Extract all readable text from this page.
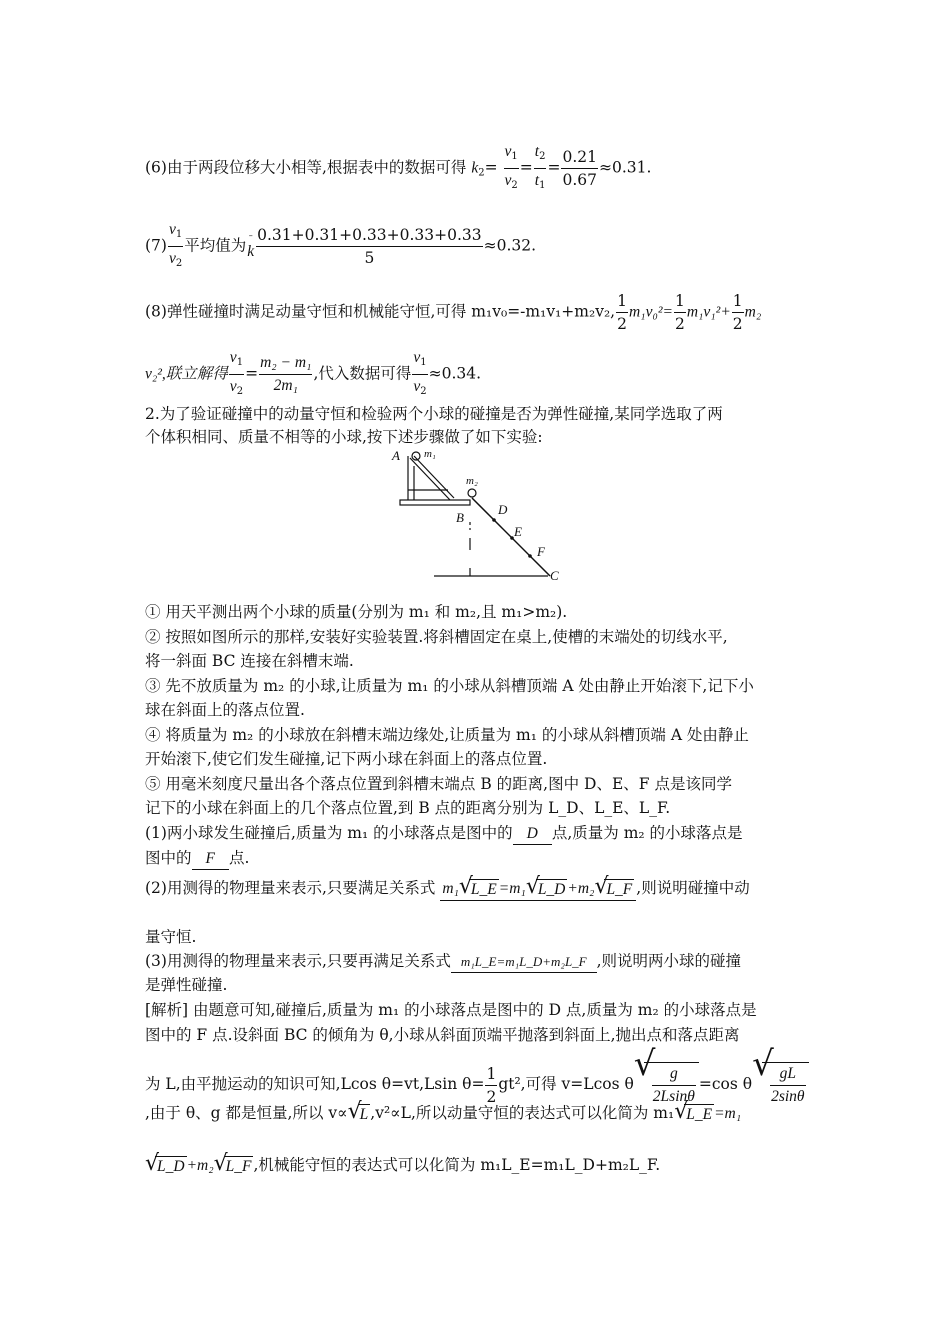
(6)由于两段位移大小相等,根据表中的数据可得 $k_2= \frac{v_1}{v_2} = \frac{t_2}{t_1} = \frac{0.21}{0.67} \approx 0.31$.
$(7) \frac{v_1}{v_2}$ 平均值为
–
k $\frac{0.31+0.31+0.33+0.33+0.33}{5} \approx 0.32$.
(8)弹性碰撞时满足动量守恒和机械能守恒,可得 m₁v₀=-m₁v₁+m₂v₂, $\frac{1}{2} m_1v_0^2= \frac{1}{2} m_1v_1^2+ \frac{1}{2} m_2$
v₂²,联立解得 $\frac{v_1}{v_2} = \frac{\text{m₂ − m₁}}{\text{2m₁}}$ ,代入数据可得 $\frac{v_1}{v_2} \approx 0.34$.
2.为了验证碰撞中的动量守恒和检验两个小球的碰撞是否为弹性碰撞,某同学选取了两
个体积相同、质量不相等的小球,按下述步骤做了如下实验:
A m₁
m₂
B
D
E
F
C
① 用天平测出两个小球的质量(分别为 m₁ 和 m₂,且 m₁>m₂).
② 按照如图所示的那样,安装好实验装置.将斜槽固定在桌上,使槽的末端处的切线水平,
将一斜面 BC 连接在斜槽末端.
③ 先不放质量为 m₂ 的小球,让质量为 m₁ 的小球从斜槽顶端 A 处由静止开始滚下,记下小
球在斜面上的落点位置.
④ 将质量为 m₂ 的小球放在斜槽末端边缘处,让质量为 m₁ 的小球从斜槽顶端 A 处由静止
开始滚下,使它们发生碰撞,记下两小球在斜面上的落点位置.
⑤ 用毫米刻度尺量出各个落点位置到斜槽末端点 B 的距离,图中 D、E、F 点是该同学
记下的小球在斜面上的几个落点位置,到 B 点的距离分别为 L_D、L_E、L_F.
(1)两小球发生碰撞后,质量为 m₁ 的小球落点是图中的 D 点,质量为 m₂ 的小球落点是
图中的 F 点.
(2)用测得的物理量来表示,只要满足关系式 m₁ √
L_E =m₁ √
L_D +m₂ √
L_F ,则说明碰撞中动
量守恒.
(3)用测得的物理量来表示,只要再满足关系式 m₁L_E=m₁L_D+m₂L_F ,则说明两小球的碰撞
是弹性碰撞.
[解析] 由题意可知,碰撞后,质量为 m₁ 的小球落点是图中的 D 点,质量为 m₂ 的小球落点是
图中的 F 点.设斜面 BC 的倾角为 θ,小球从斜面顶端平抛落到斜面上,抛出点和落点距离
为 L,由平抛运动的知识可知,Lcos θ=vt,Lsin $\theta= \frac{1}{2} gt^2$,可得 v=Lcos θ √
$\frac{g}{2Lsin\theta} =\cos$ θ √
$\frac{gL}{2\sin\theta}$
,由于 θ、g 都是恒量,所以 v∝ √
L ,v²∝L,所以动量守恒的表达式可以化简为 m₁ √
L_E =m₁
√
L_D +m₂ √
L_F ,机械能守恒的表达式可以化简为 m₁L_E=m₁L_D+m₂L_F.
